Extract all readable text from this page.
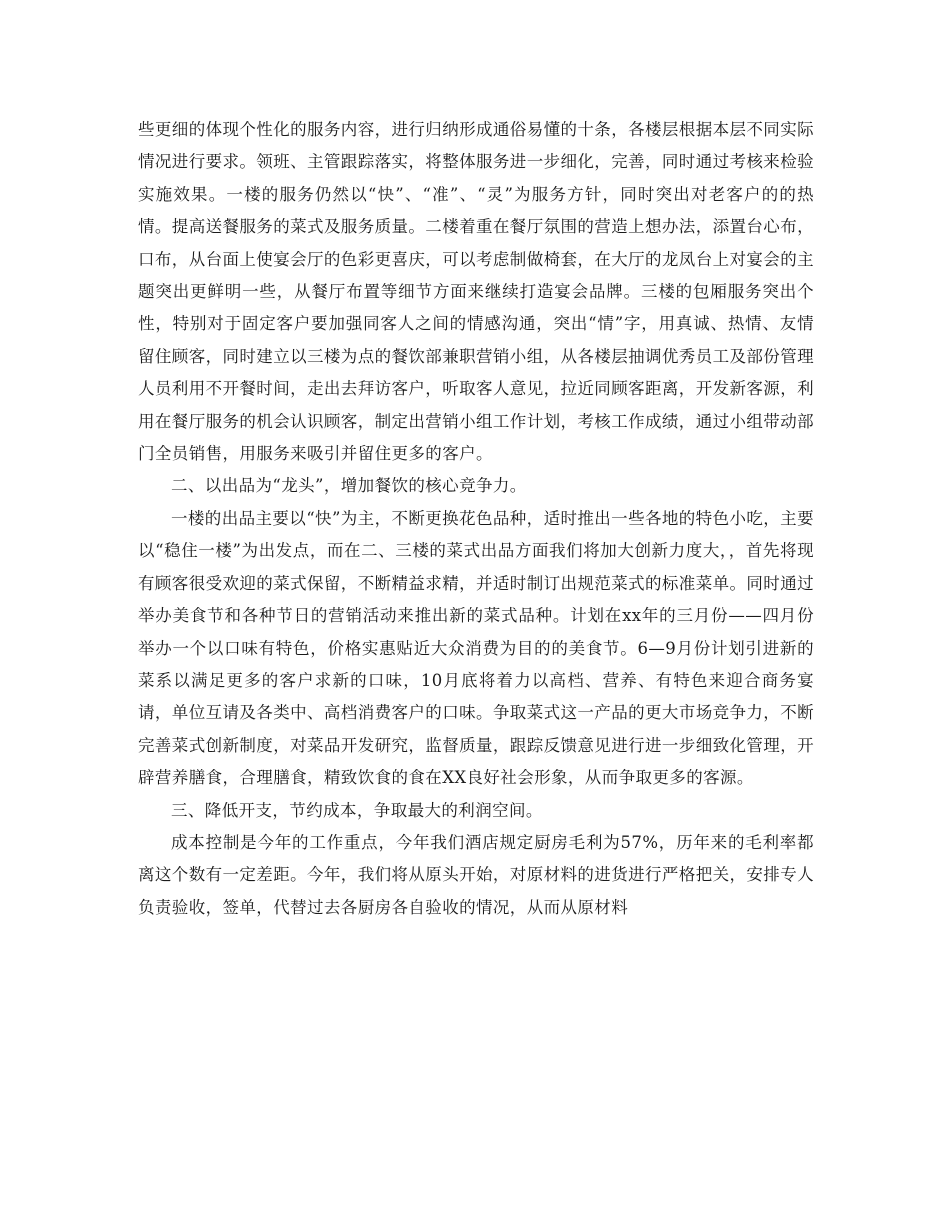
些更细的体现个性化的服务内容，进行归纳形成通俗易懂的十条，各楼层根据本层不同实际情况进行要求。领班、主管跟踪落实，将整体服务进一步细化，完善，同时通过考核来检验实施效果。一楼的服务仍然以“快”、“准”、“灵”为服务方针，同时突出对老客户的的热情。提高送餐服务的菜式及服务质量。二楼着重在餐厅氛围的营造上想办法，添置台心布，口布，从台面上使宴会厅的色彩更喜庆，可以考虑制做椅套，在大厅的龙凤台上对宴会的主题突出更鲜明一些，从餐厅布置等细节方面来继续打造宴会品牌。三楼的包厢服务突出个性，特别对于固定客户要加强同客人之间的情感沟通，突出“情”字，用真诚、热情、友情留住顾客，同时建立以三楼为点的餐饮部兼职营销小组，从各楼层抽调优秀员工及部份管理人员利用不开餐时间，走出去拜访客户，听取客人意见，拉近同顾客距离，开发新客源，利用在餐厅服务的机会认识顾客，制定出营销小组工作计划，考核工作成绩，通过小组带动部门全员销售，用服务来吸引并留住更多的客户。

二、以出品为“龙头”，增加餐饮的核心竞争力。

一楼的出品主要以“快”为主，不断更换花色品种，适时推出一些各地的特色小吃，主要以“稳住一楼”为出发点，而在二、三楼的菜式出品方面我们将加大创新力度大，，首先将现有顾客很受欢迎的菜式保留，不断精益求精，并适时制订出规范菜式的标准菜单。同时通过举办美食节和各种节日的营销活动来推出新的菜式品种。计划在xx年的三月份——四月份举办一个以口味有特色，价格实惠贴近大众消费为目的的美食节。6—9月份计划引进新的菜系以满足更多的客户求新的口味，10月底将着力以高档、营养、有特色来迎合商务宴请，单位互请及各类中、高档消费客户的口味。争取菜式这一产品的更大市场竞争力，不断完善菜式创新制度，对菜品开发研究，监督质量，跟踪反馈意见进行进一步细致化管理，开辟营养膳食，合理膳食，精致饮食的食在XX良好社会形象，从而争取更多的客源。

三、降低开支，节约成本，争取最大的利润空间。

成本控制是今年的工作重点，今年我们酒店规定厨房毛利为57%，历年来的毛利率都离这个数有一定差距。今年，我们将从原头开始，对原材料的进货进行严格把关，安排专人负责验收，签单，代替过去各厨房各自验收的情况，从而从原材料
